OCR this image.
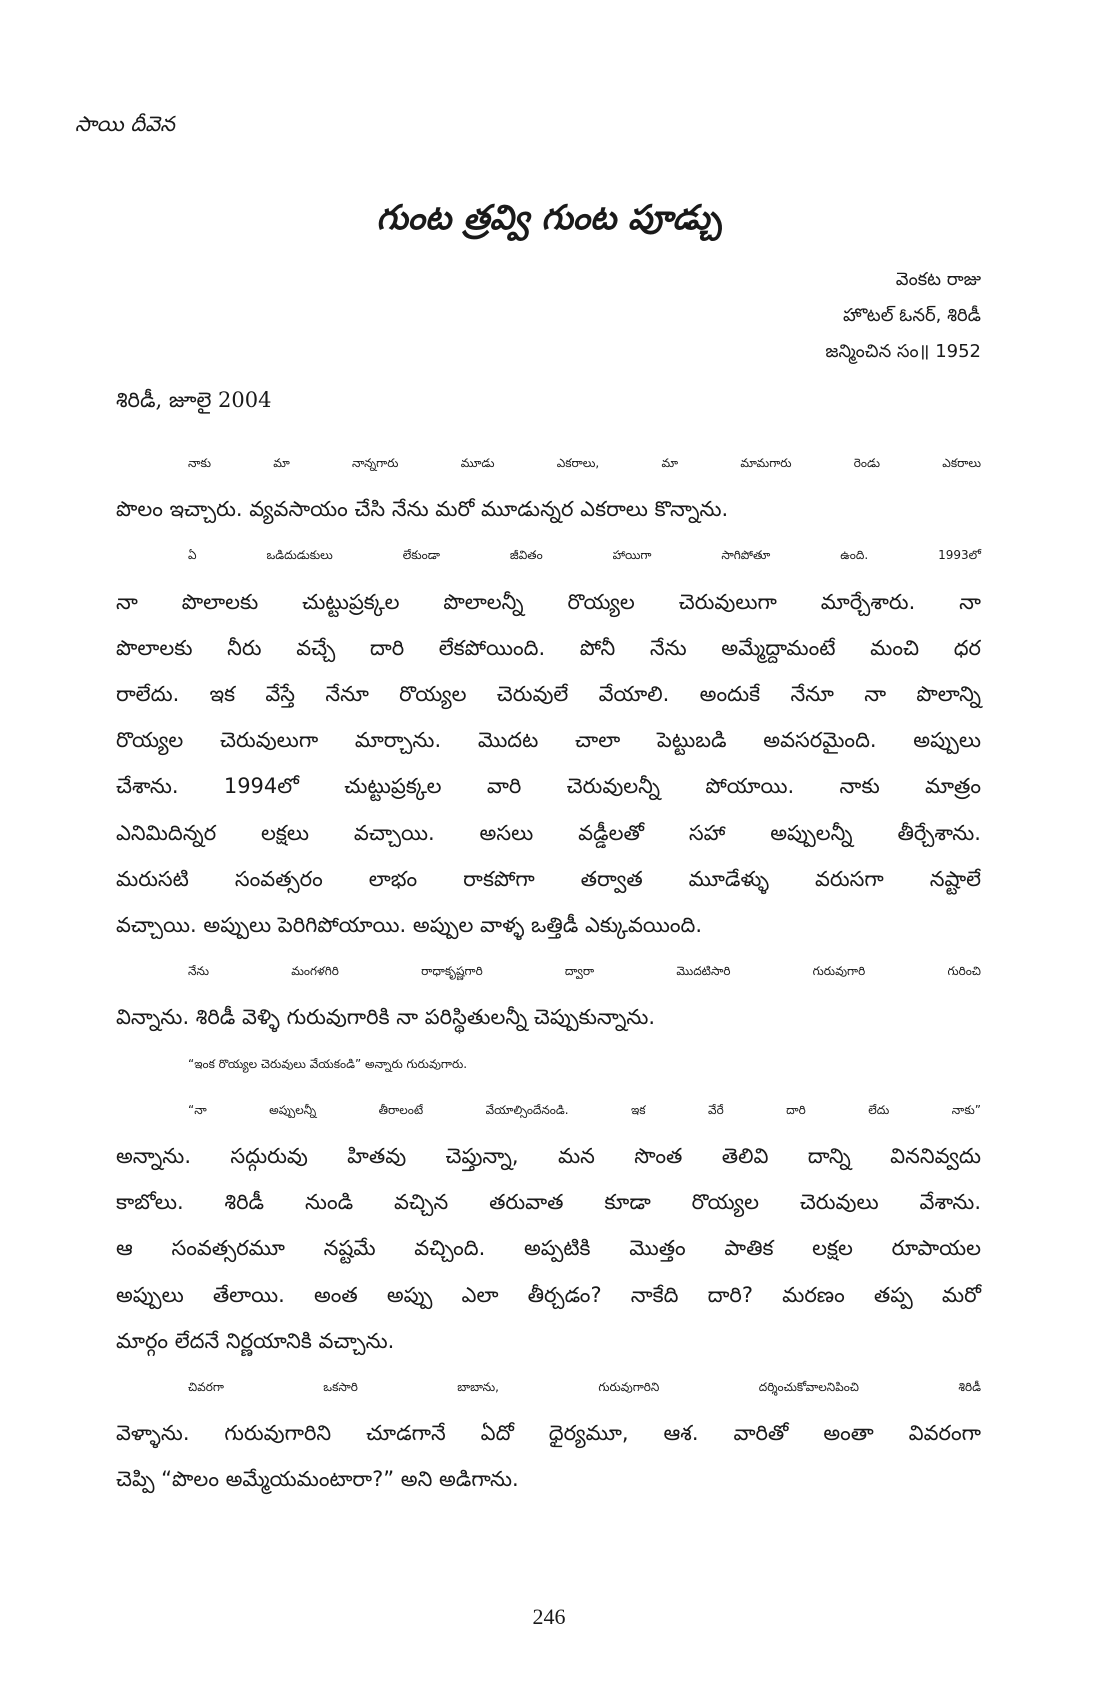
సాయి దీవెన
గుంట త్రవ్వి గుంట పూడ్చు
వెంకట రాజు
హొటల్ ఓనర్, శిరిడీ
జన్మించిన సం॥ 1952
శిరిడీ, జూలై 2004
నాకు మా నాన్నగారు మూడు ఎకరాలు, మా మామగారు రెండు ఎకరాలు
పొలం ఇచ్చారు. వ్యవసాయం చేసి నేను మరో మూడున్నర ఎకరాలు కొన్నాను.
ఏ ఒడిదుడుకులు లేకుండా జీవితం హాయిగా సాగిపోతూ ఉంది. 1993లో
నా పొలాలకు చుట్టుప్రక్కల పొలాలన్నీ రొయ్యల చెరువులుగా మార్చేశారు. నా
పొలాలకు నీరు వచ్చే దారి లేకపోయింది. పోనీ నేను అమ్మేద్దామంటే మంచి ధర
రాలేదు. ఇక వేస్తే నేనూ రొయ్యల చెరువులే వేయాలి. అందుకే నేనూ నా పొలాన్ని
రొయ్యల చెరువులుగా మార్చాను. మొదట చాలా పెట్టుబడి అవసరమైంది. అప్పులు
చేశాను. 1994లో చుట్టుప్రక్కల వారి చెరువులన్నీ పోయాయి. నాకు మాత్రం
ఎనిమిదిన్నర లక్షలు వచ్చాయి. అసలు వడ్డీలతో సహా అప్పులన్నీ తీర్చేశాను.
మరుసటి సంవత్సరం లాభం రాకపోగా తర్వాత మూడేళ్ళు వరుసగా నష్టాలే
వచ్చాయి. అప్పులు పెరిగిపోయాయి. అప్పుల వాళ్ళ ఒత్తిడీ ఎక్కువయింది.
నేను మంగళగిరి రాధాకృష్ణగారి ద్వారా మొదటిసారి గురువుగారి గురించి
విన్నాను. శిరిడీ వెళ్ళి గురువుగారికి నా పరిస్థితులన్నీ చెప్పుకున్నాను.
“ఇంక రొయ్యల చెరువులు వేయకండి” అన్నారు గురువుగారు.
“నా అప్పులన్నీ తీరాలంటే వేయాల్సిందేనండి. ఇక వేరే దారి లేదు నాకు”
అన్నాను. సద్గురువు హితవు చెప్తున్నా, మన సొంత తెలివి దాన్ని విననివ్వదు
కాబోలు. శిరిడీ నుండి వచ్చిన తరువాత కూడా రొయ్యల చెరువులు వేశాను.
ఆ సంవత్సరమూ నష్టమే వచ్చింది. అప్పటికి మొత్తం పాతిక లక్షల రూపాయల
అప్పులు తేలాయి. అంత అప్పు ఎలా తీర్చడం? నాకేది దారి? మరణం తప్ప మరో
మార్గం లేదనే నిర్ణయానికి వచ్చాను.
చివరగా ఒకసారి బాబాను, గురువుగారిని దర్శించుకోవాలనిపించి శిరిడీ
వెళ్ళాను. గురువుగారిని చూడగానే ఏదో ధైర్యమూ, ఆశ. వారితో అంతా వివరంగా
చెప్పి “పొలం అమ్మేయమంటారా?” అని అడిగాను.
246
